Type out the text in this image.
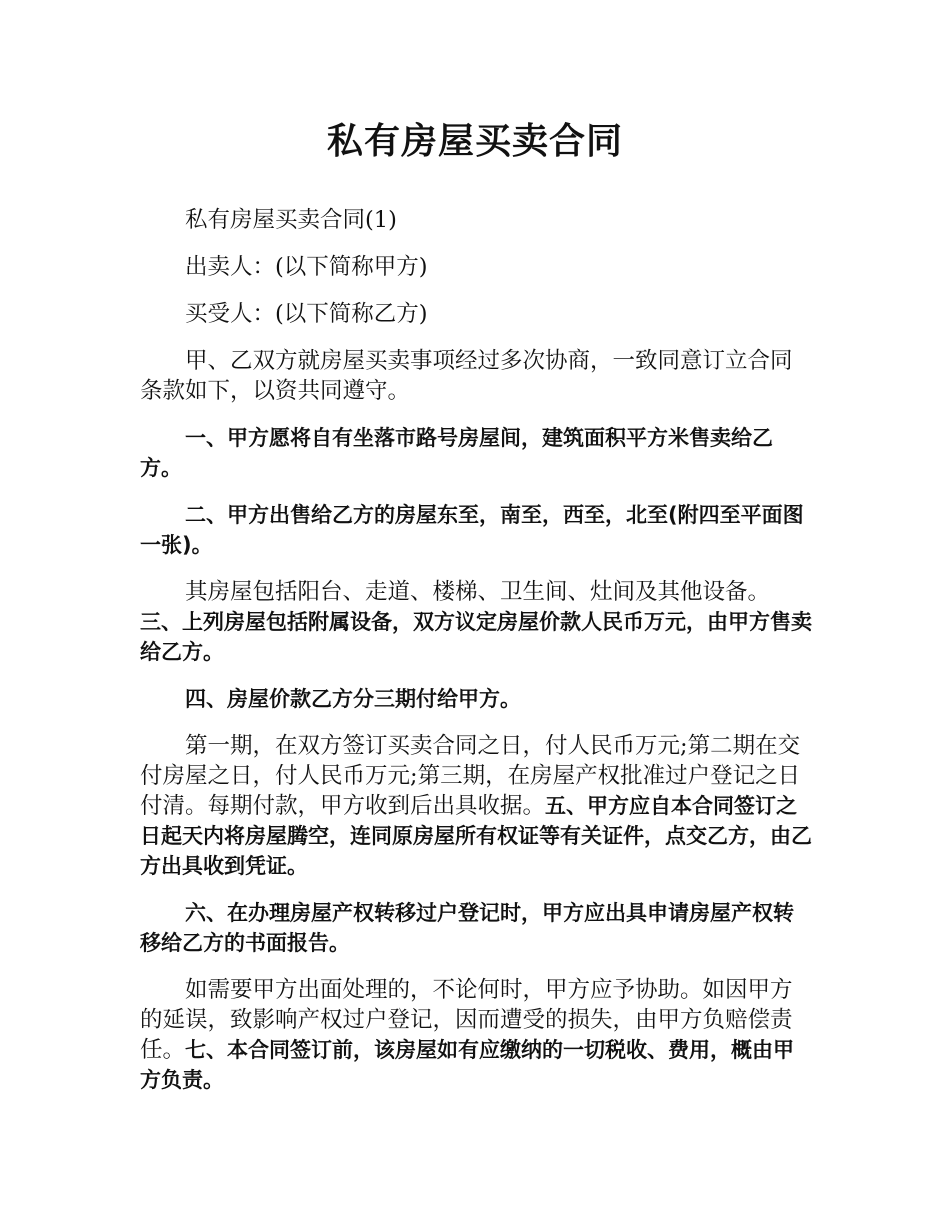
私有房屋买卖合同

私有房屋买卖合同(1)

出卖人：(以下简称甲方)

买受人：(以下简称乙方)

甲、乙双方就房屋买卖事项经过多次协商，一致同意订立合同条款如下，以资共同遵守。

一、甲方愿将自有坐落市路号房屋间，建筑面积平方米售卖给乙方。

二、甲方出售给乙方的房屋东至，南至，西至，北至(附四至平面图一张)。

其房屋包括阳台、走道、楼梯、卫生间、灶间及其他设备。

三、上列房屋包括附属设备，双方议定房屋价款人民币万元，由甲方售卖给乙方。

四、房屋价款乙方分三期付给甲方。

第一期，在双方签订买卖合同之日，付人民币万元;第二期在交付房屋之日，付人民币万元;第三期，在房屋产权批准过户登记之日付清。每期付款，甲方收到后出具收据。五、甲方应自本合同签订之日起天内将房屋腾空，连同原房屋所有权证等有关证件，点交乙方，由乙方出具收到凭证。

六、在办理房屋产权转移过户登记时，甲方应出具申请房屋产权转移给乙方的书面报告。

如需要甲方出面处理的，不论何时，甲方应予协助。如因甲方的延误，致影响产权过户登记，因而遭受的损失，由甲方负赔偿责任。七、本合同签订前，该房屋如有应缴纳的一切税收、费用，概由甲方负责。
